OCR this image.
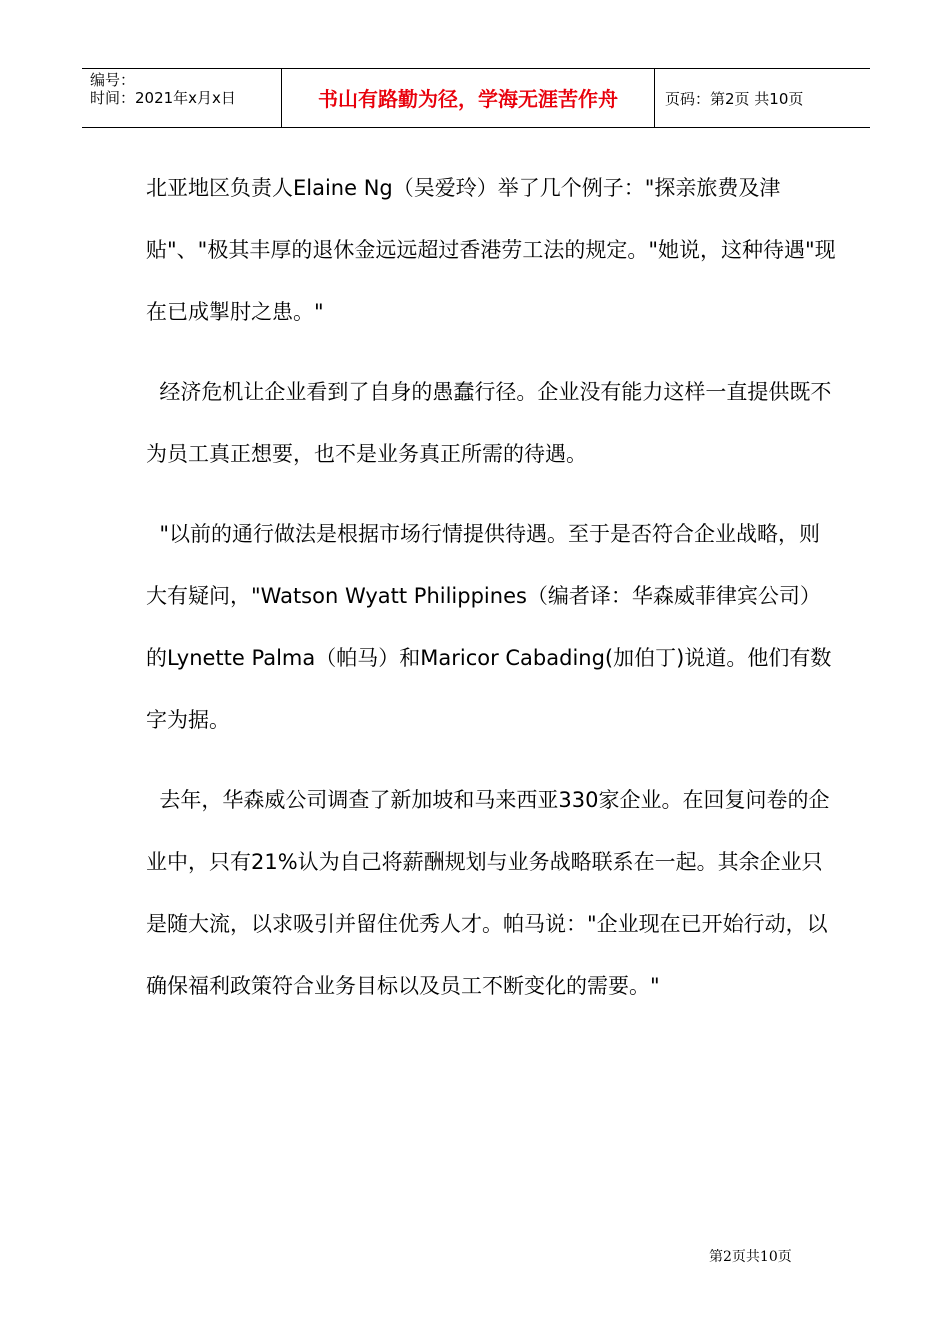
编号：
时间：2021年x月x日	书山有路勤为径，学海无涯苦作舟	页码：第2页 共10页

北亚地区负责人Elaine Ng（吴爱玲）举了几个例子："探亲旅费及津贴"、"极其丰厚的退休金远远超过香港劳工法的规定。"她说，这种待遇"现在已成掣肘之患。"

经济危机让企业看到了自身的愚蠢行径。企业没有能力这样一直提供既不为员工真正想要，也不是业务真正所需的待遇。

"以前的通行做法是根据市场行情提供待遇。至于是否符合企业战略，则大有疑问，"Watson Wyatt Philippines（编者译：华森威菲律宾公司）的Lynette Palma（帕马）和Maricor Cabading(加伯丁)说道。他们有数字为据。

去年，华森威公司调查了新加坡和马来西亚330家企业。在回复问卷的企业中，只有21%认为自己将薪酬规划与业务战略联系在一起。其余企业只是随大流，以求吸引并留住优秀人才。帕马说："企业现在已开始行动，以确保福利政策符合业务目标以及员工不断变化的需要。"

第2页共10页
